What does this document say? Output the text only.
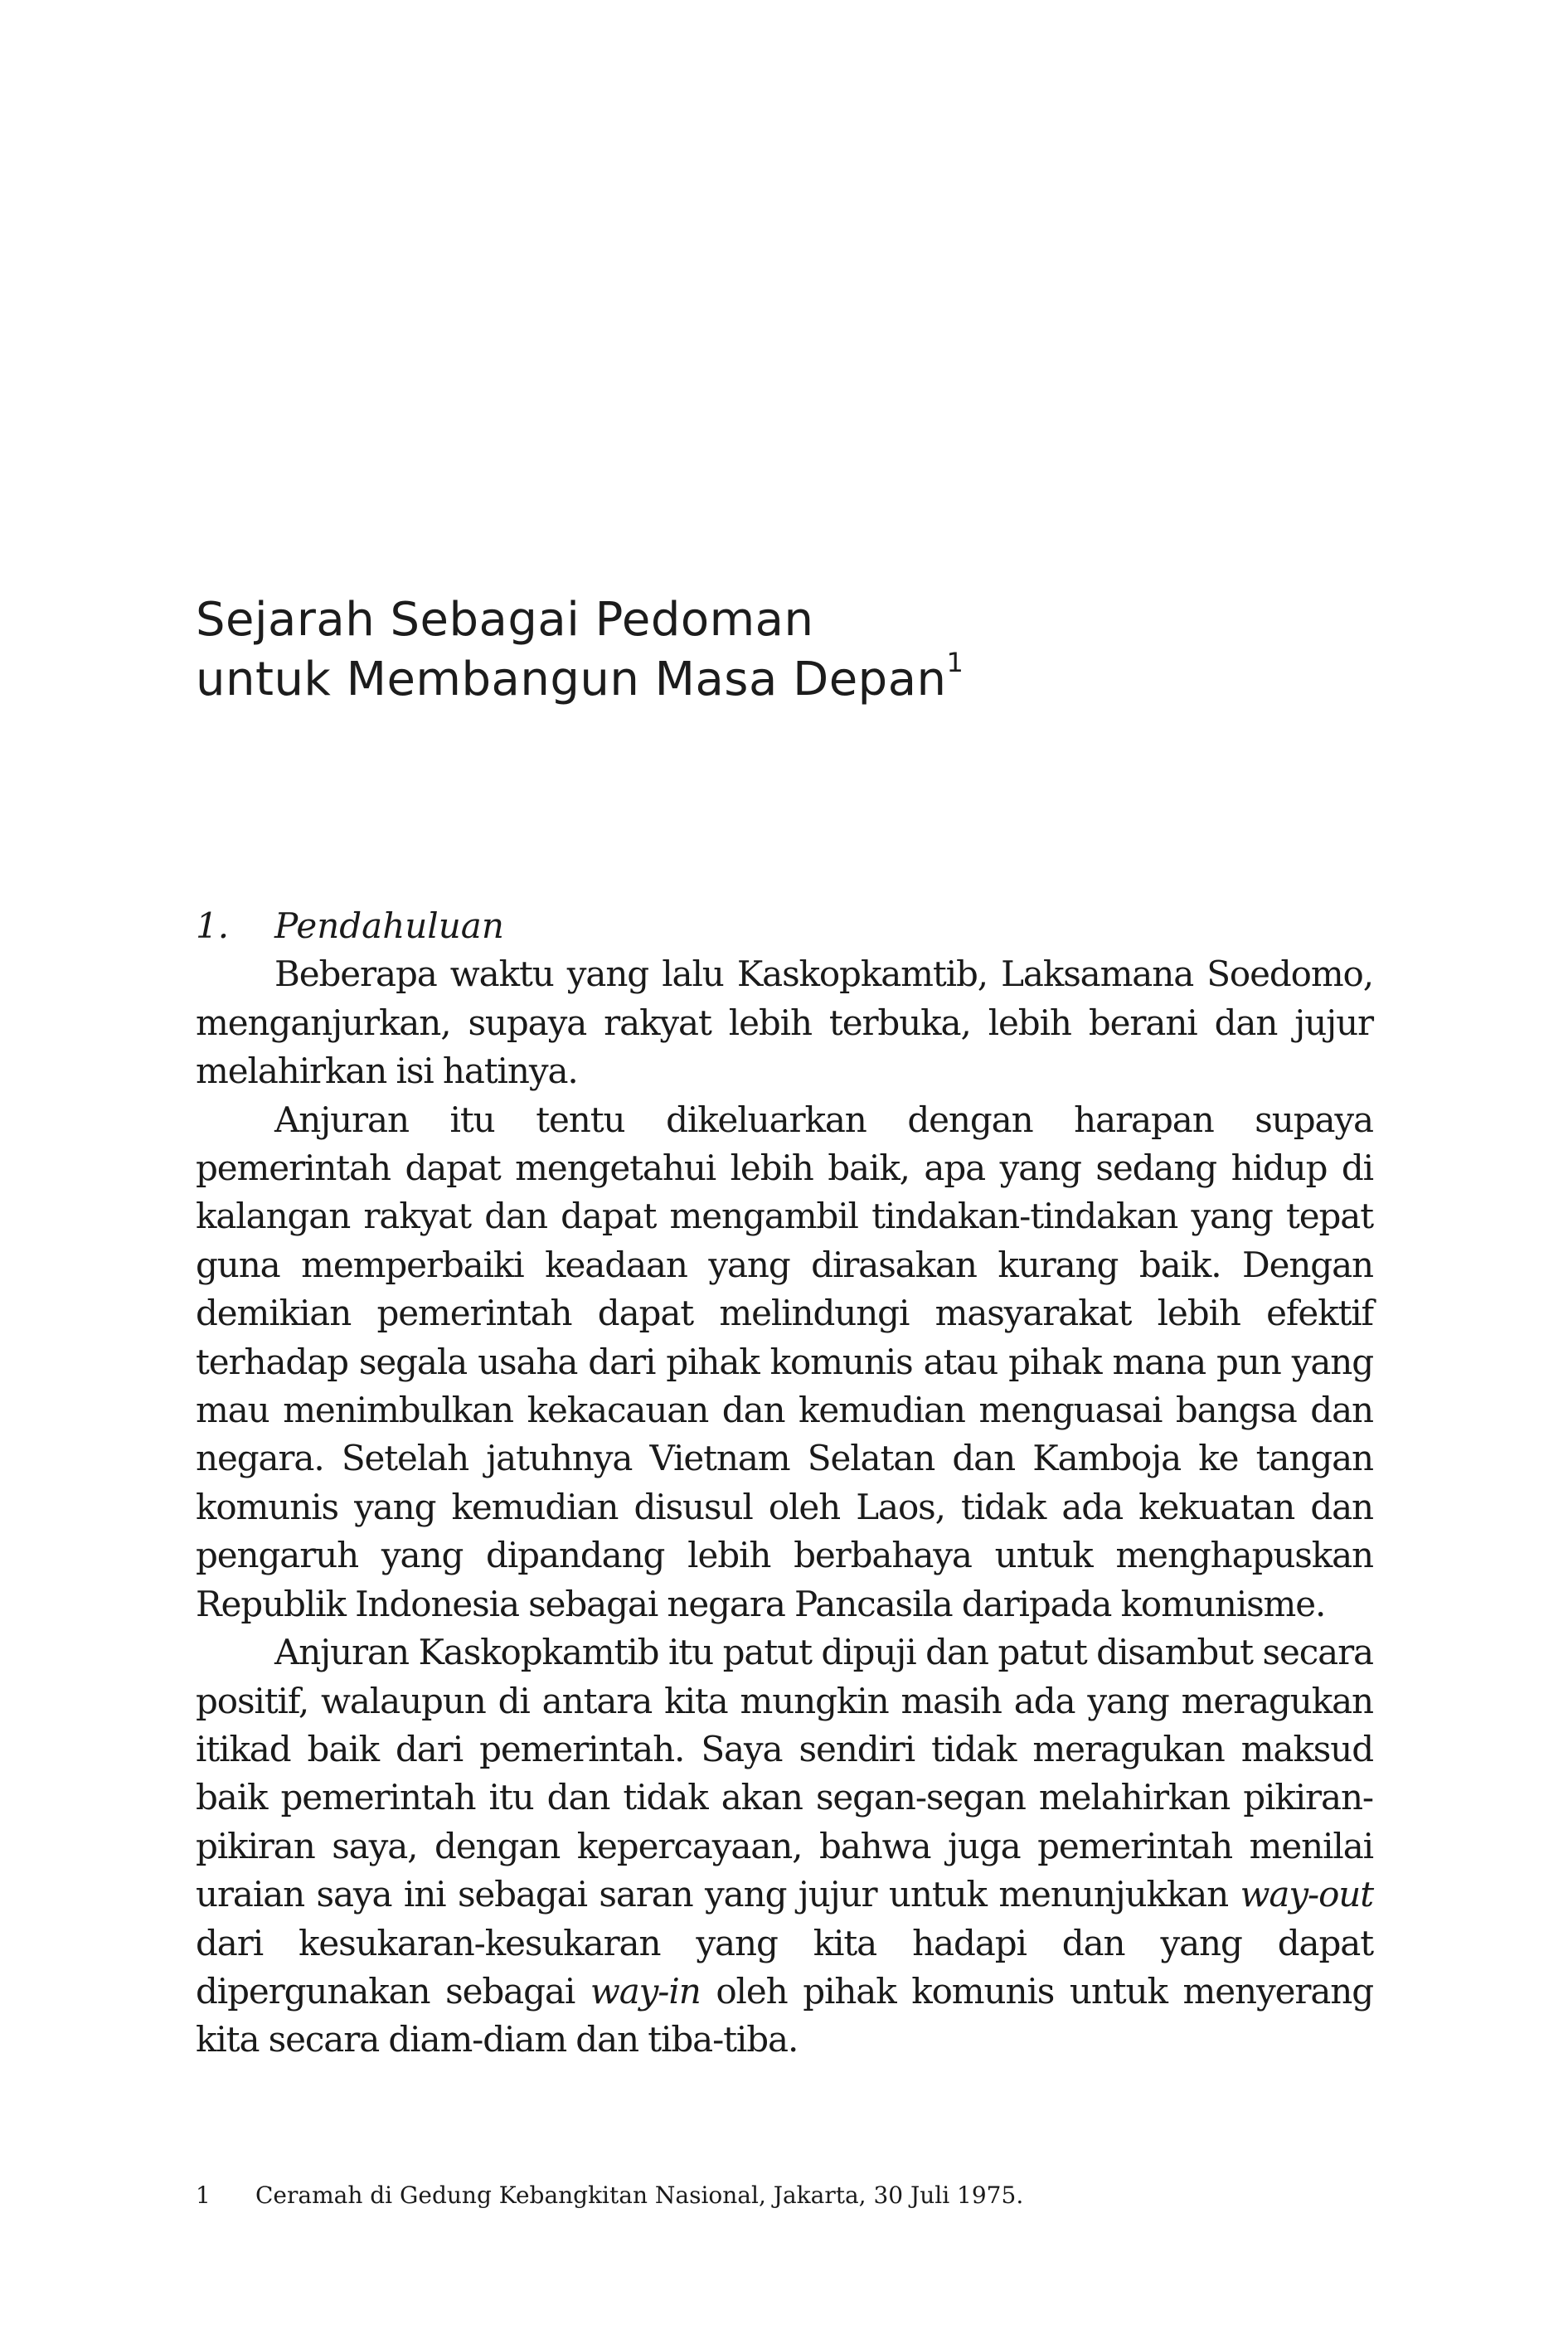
Sejarah Sebagai Pedoman
untuk Membangun Masa Depan$^1$

1. Pendahuluan

Beberapa waktu yang lalu Kaskopkamtib, Laksamana Soedomo, menganjurkan, supaya rakyat lebih terbuka, lebih berani dan jujur melahirkan isi hatinya.

Anjuran itu tentu dikeluarkan dengan harapan supaya pemerintah dapat mengetahui lebih baik, apa yang sedang hidup di kalangan rakyat dan dapat mengambil tindakan-tindakan yang tepat guna memperbaiki keadaan yang dirasakan kurang baik. Dengan demikian pemerintah dapat melindungi masyarakat lebih efektif terhadap segala usaha dari pihak komunis atau pihak mana pun yang mau menimbulkan kekacauan dan kemudian menguasai bangsa dan negara. Setelah jatuhnya Vietnam Selatan dan Kamboja ke tangan komunis yang kemudian disusul oleh Laos, tidak ada kekuatan dan pengaruh yang dipandang lebih berbahaya untuk menghapuskan Republik Indonesia sebagai negara Pancasila daripada komunisme.

Anjuran Kaskopkamtib itu patut dipuji dan patut disambut secara positif, walaupun di antara kita mungkin masih ada yang meragukan itikad baik dari pemerintah. Saya sendiri tidak meragukan maksud baik pemerintah itu dan tidak akan segan-segan melahirkan pikiran-pikiran saya, dengan kepercayaan, bahwa juga pemerintah menilai uraian saya ini sebagai saran yang jujur untuk menunjukkan way-out dari kesukaran-kesukaran yang kita hadapi dan yang dapat dipergunakan sebagai way-in oleh pihak komunis untuk menyerang kita secara diam-diam dan tiba-tiba.

1 Ceramah di Gedung Kebangkitan Nasional, Jakarta, 30 Juli 1975.
